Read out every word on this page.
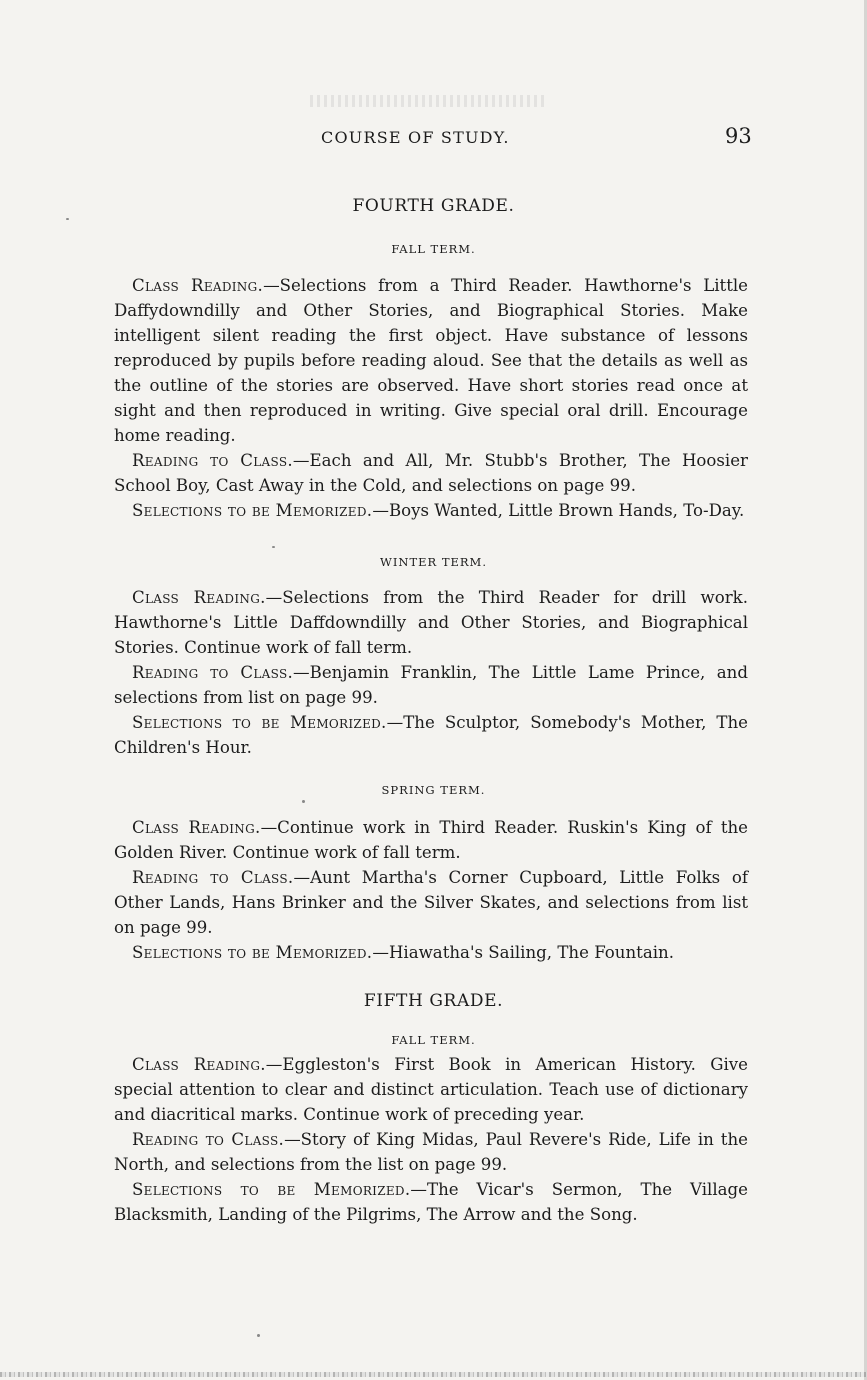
COURSE OF STUDY.	93
FOURTH GRADE.
FALL TERM.

Class Reading.—Selections from a Third Reader. Hawthorne's Little Daffydowndilly and Other Stories, and Biographical Stories. Make intelligent silent reading the first object. Have substance of lessons reproduced by pupils before reading aloud. See that the details as well as the outline of the stories are observed. Have short stories read once at sight and then reproduced in writing. Give special oral drill. Encourage home reading.

Reading to Class.—Each and All, Mr. Stubb's Brother, The Hoosier School Boy, Cast Away in the Cold, and selections on page 99.

Selections to be Memorized.—Boys Wanted, Little Brown Hands, To-Day.

WINTER TERM.

Class Reading.—Selections from the Third Reader for drill work. Hawthorne's Little Daffdowndilly and Other Stories, and Biographical Stories. Continue work of fall term.

Reading to Class.—Benjamin Franklin, The Little Lame Prince, and selections from list on page 99.

Selections to be Memorized.—The Sculptor, Somebody's Mother, The Children's Hour.

SPRING TERM.

Class Reading.—Continue work in Third Reader. Ruskin's King of the Golden River. Continue work of fall term.

Reading to Class.—Aunt Martha's Corner Cupboard, Little Folks of Other Lands, Hans Brinker and the Silver Skates, and selections from list on page 99.

Selections to be Memorized.—Hiawatha's Sailing, The Fountain.

FIFTH GRADE.
FALL TERM.

Class Reading.—Eggleston's First Book in American History. Give special attention to clear and distinct articulation. Teach use of dictionary and diacritical marks. Continue work of preceding year.

Reading to Class.—Story of King Midas, Paul Revere's Ride, Life in the North, and selections from the list on page 99.

Selections to be Memorized.—The Vicar's Sermon, The Village Blacksmith, Landing of the Pilgrims, The Arrow and the Song.
